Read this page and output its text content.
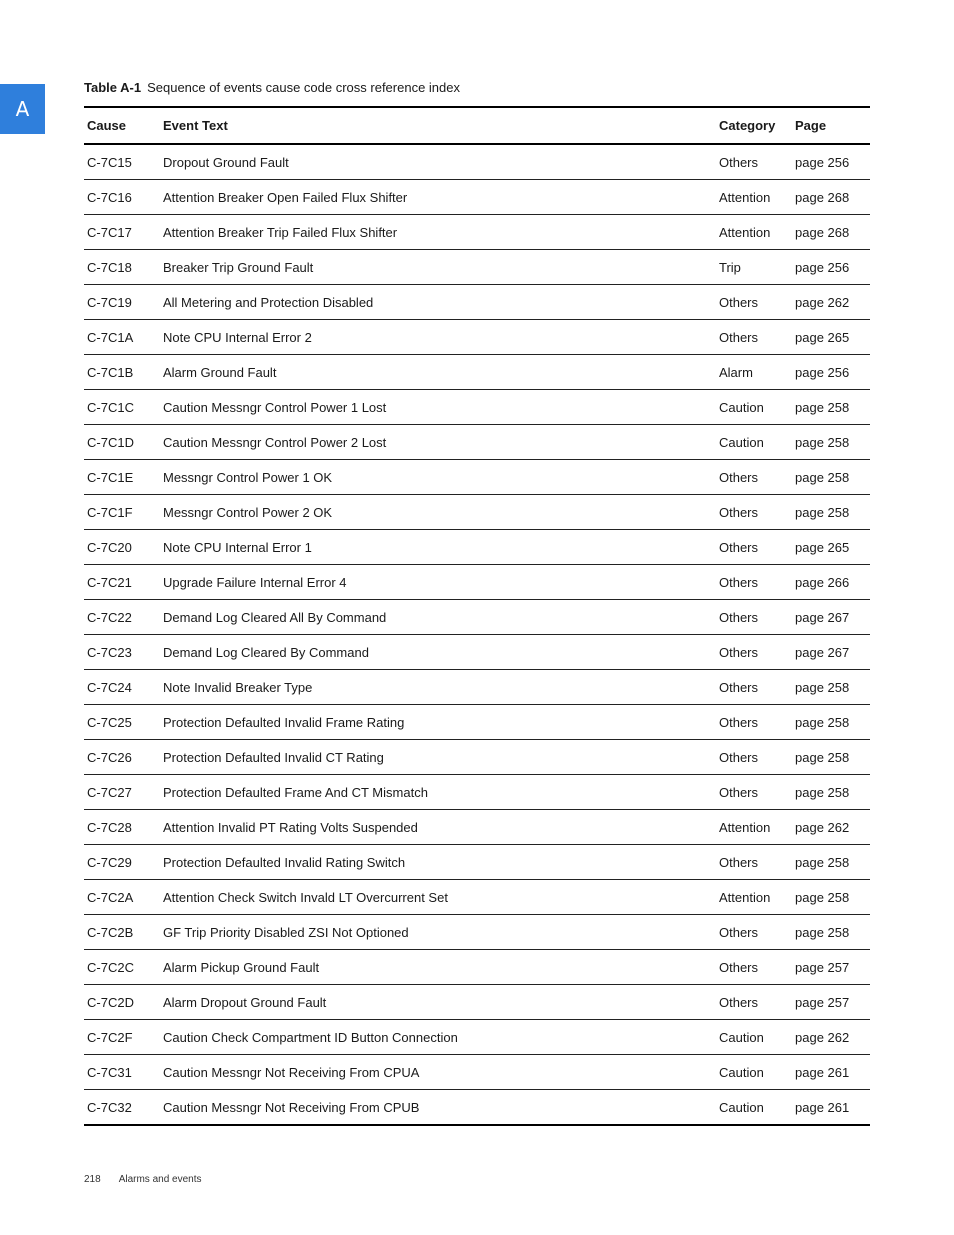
A
Table A-1 Sequence of events cause code cross reference index
Cause	Event Text	Category	Page
C-7C15	Dropout Ground Fault	Others	page 256
C-7C16	Attention Breaker Open Failed Flux Shifter	Attention	page 268
C-7C17	Attention Breaker Trip Failed Flux Shifter	Attention	page 268
C-7C18	Breaker Trip Ground Fault	Trip	page 256
C-7C19	All Metering and Protection Disabled	Others	page 262
C-7C1A	Note CPU Internal Error 2	Others	page 265
C-7C1B	Alarm Ground Fault	Alarm	page 256
C-7C1C	Caution Messngr Control Power 1 Lost	Caution	page 258
C-7C1D	Caution Messngr Control Power 2 Lost	Caution	page 258
C-7C1E	Messngr Control Power 1 OK	Others	page 258
C-7C1F	Messngr Control Power 2 OK	Others	page 258
C-7C20	Note CPU Internal Error 1	Others	page 265
C-7C21	Upgrade Failure Internal Error 4	Others	page 266
C-7C22	Demand Log Cleared All By Command	Others	page 267
C-7C23	Demand Log Cleared By Command	Others	page 267
C-7C24	Note Invalid Breaker Type	Others	page 258
C-7C25	Protection Defaulted Invalid Frame Rating	Others	page 258
C-7C26	Protection Defaulted Invalid CT Rating	Others	page 258
C-7C27	Protection Defaulted Frame And CT Mismatch	Others	page 258
C-7C28	Attention Invalid PT Rating Volts Suspended	Attention	page 262
C-7C29	Protection Defaulted Invalid Rating Switch	Others	page 258
C-7C2A	Attention Check Switch Invald LT Overcurrent Set	Attention	page 258
C-7C2B	GF Trip Priority Disabled ZSI Not Optioned	Others	page 258
C-7C2C	Alarm Pickup Ground Fault	Others	page 257
C-7C2D	Alarm Dropout Ground Fault	Others	page 257
C-7C2F	Caution Check Compartment ID Button Connection	Caution	page 262
C-7C31	Caution Messngr Not Receiving From CPUA	Caution	page 261
C-7C32	Caution Messngr Not Receiving From CPUB	Caution	page 261
218 Alarms and events
